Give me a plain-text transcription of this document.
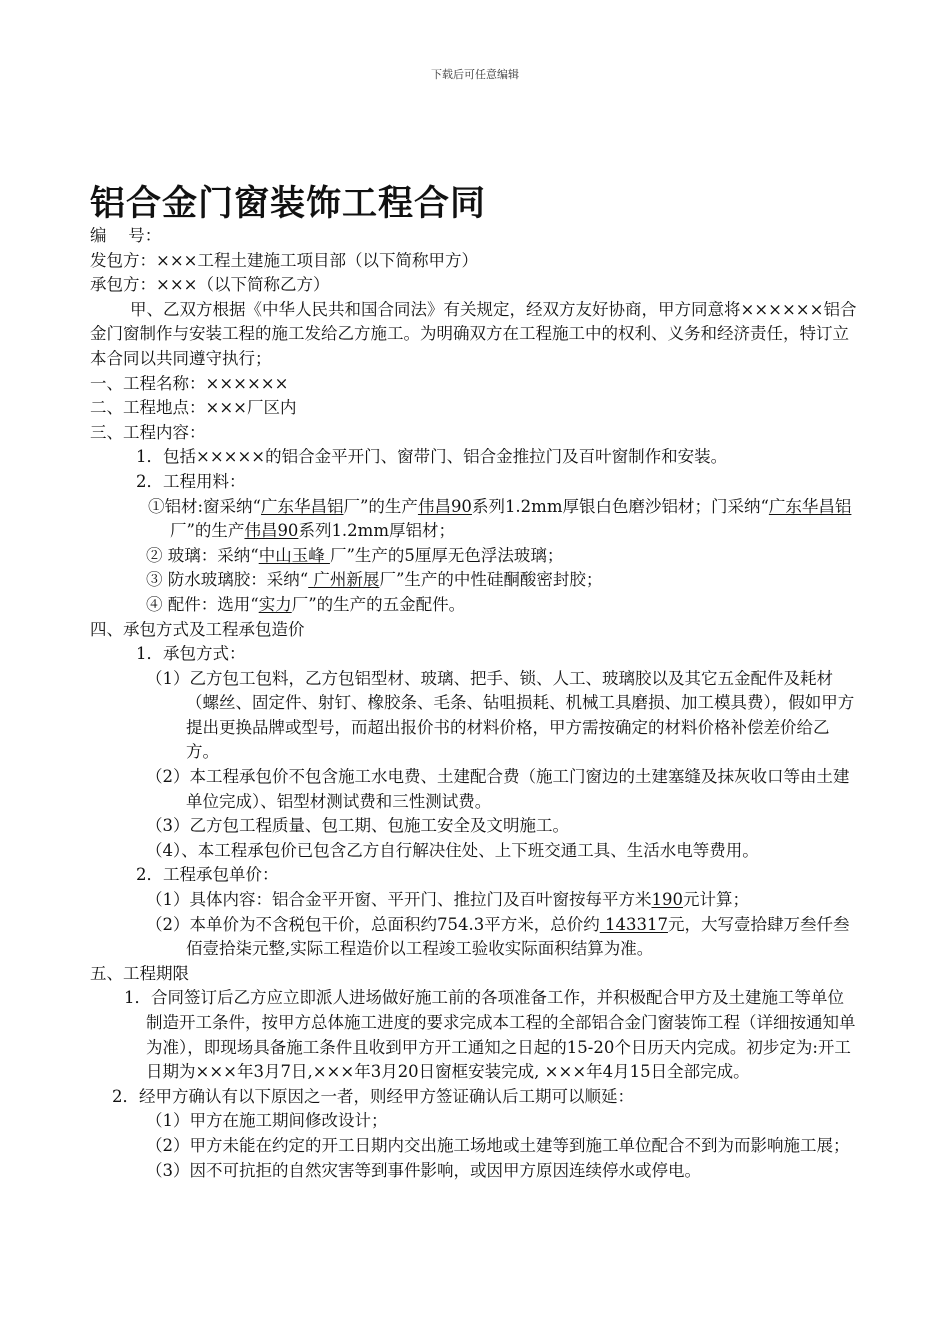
下载后可任意编辑
铝合金门窗装饰工程合同

编　 号：

发包方：×××工程土建施工项目部（以下简称甲方）

承包方：×××（以下简称乙方）

甲、乙双方根据《中华人民共和国合同法》有关规定，经双方友好协商，甲方同意将××××××铝合金门窗制作与安装工程的施工发给乙方施工。为明确双方在工程施工中的权利、义务和经济责任，特订立本合同以共同遵守执行；

一、工程名称：××××××

二、工程地点：×××厂区内

三、工程内容：

1．包括×××××的铝合金平开门、窗带门、铝合金推拉门及百叶窗制作和安装。

2．工程用料：

①铝材:窗采纳“广东华昌铝厂”的生产伟昌90系列1.2mm厚银白色磨沙铝材；门采纳“广东华昌铝厂”的生产伟昌90系列1.2mm厚铝材；

② 玻璃：采纳“中山玉峰 厂”生产的5厘厚无色浮法玻璃；

③ 防水玻璃胶：采纳“ 广州新展厂”生产的中性硅酮酸密封胶；

④ 配件：选用“实力厂”的生产的五金配件。

四、承包方式及工程承包造价

1．承包方式：

（1）乙方包工包料，乙方包铝型材、玻璃、把手、锁、人工、玻璃胶以及其它五金配件及耗材（螺丝、固定件、射钉、橡胶条、毛条、钻咀损耗、机械工具磨损、加工模具费），假如甲方提出更换品牌或型号，而超出报价书的材料价格，甲方需按确定的材料价格补偿差价给乙方。

（2）本工程承包价不包含施工水电费、土建配合费（施工门窗边的土建塞缝及抹灰收口等由土建单位完成）、铝型材测试费和三性测试费。

（3）乙方包工程质量、包工期、包施工安全及文明施工。

（4）、本工程承包价已包含乙方自行解决住处、上下班交通工具、生活水电等费用。

2．工程承包单价：

（1）具体内容：铝合金平开窗、平开门、推拉门及百叶窗按每平方米190元计算；

（2）本单价为不含税包干价，总面积约754.3平方米，总价约 143317元，大写壹拾肆万叁仟叁佰壹拾柒元整,实际工程造价以工程竣工验收实际面积结算为准。

五、工程期限

1．合同签订后乙方应立即派人进场做好施工前的各项准备工作，并积极配合甲方及土建施工等单位制造开工条件，按甲方总体施工进度的要求完成本工程的全部铝合金门窗装饰工程（详细按通知单为准），即现场具备施工条件且收到甲方开工通知之日起的15-20个日历天内完成。初步定为:开工日期为×××年3月7日,×××年3月20日窗框安装完成, ×××年4月15日全部完成。

2．经甲方确认有以下原因之一者，则经甲方签证确认后工期可以顺延：

（1）甲方在施工期间修改设计；

（2）甲方未能在约定的开工日期内交出施工场地或土建等到施工单位配合不到为而影响施工展；

（3）因不可抗拒的自然灾害等到事件影响，或因甲方原因连续停水或停电。
